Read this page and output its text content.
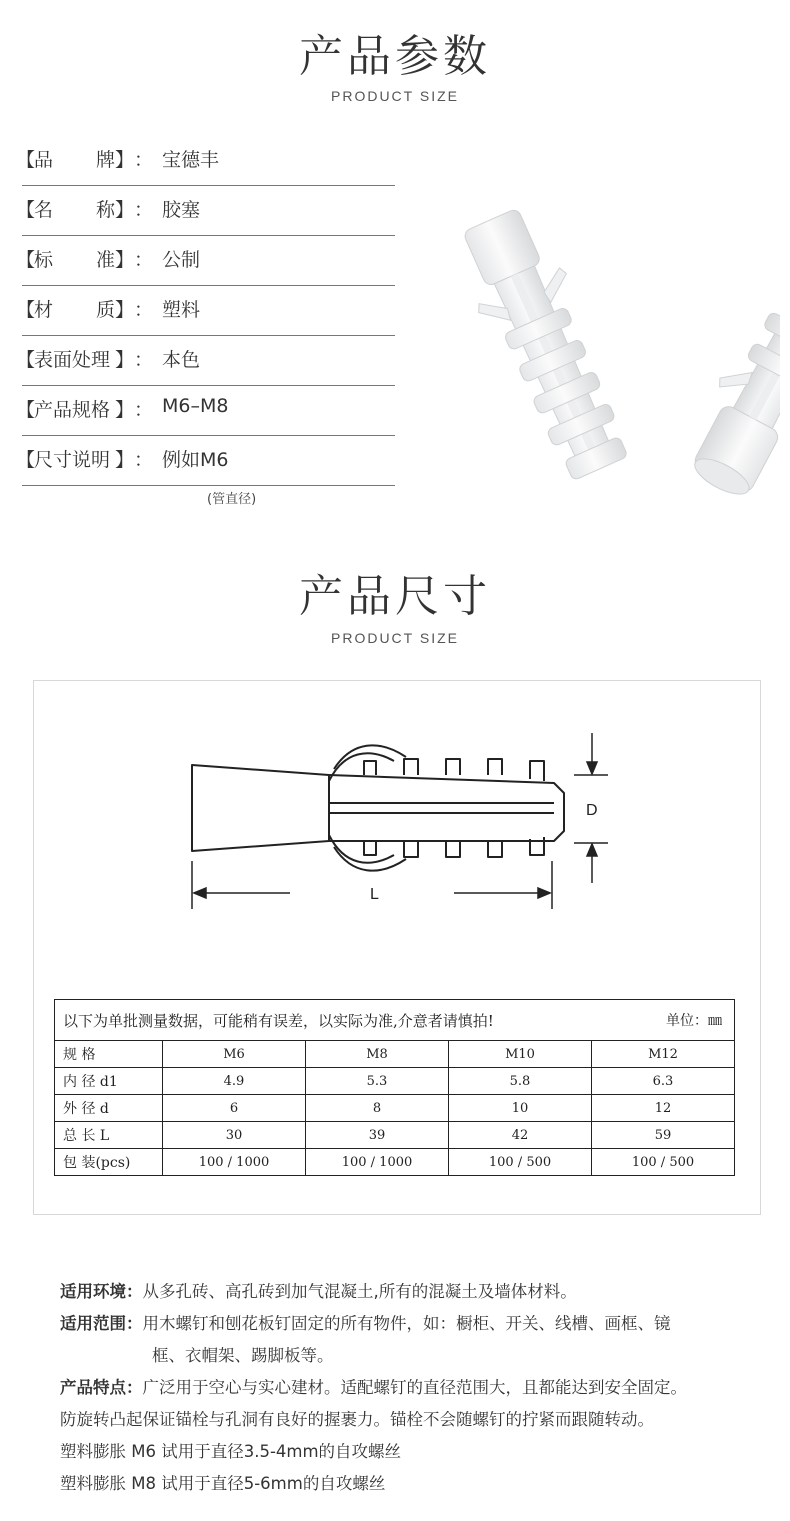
产品参数
PRODUCT SIZE
【
品 牌 】 ： 宝德丰
【
名 称 】 ： 胶塞
【
标 准 】 ： 公制
【
材 质 】 ： 塑料
【
表面处理 】 ： 本色
【
产品规格 】 ： M6–M8
【
尺寸说明 】 ： 例如M6
(管直径)
产品尺寸
PRODUCT SIZE
L
D
以下为单批测量数据，可能稍有误差，以实际为准,介意者请慎拍! 单位：㎜				

规 格	M6	M8	M10	M12
内 径 d1	4.9	5.3	5.8	6.3
外 径 d	6	8	10	12
总 长 L	30	39	42	59
包 装(pcs)	100 / 1000	100 / 1000	100 / 500	100 / 500
适用环境：从多孔砖、高孔砖到加气混凝土,所有的混凝土及墙体材料。
适用范围：用木螺钉和刨花板钉固定的所有物件，如：橱柜、开关、线槽、画框、镜
框、衣帽架、踢脚板等。
产品特点：广泛用于空心与实心建材。适配螺钉的直径范围大，且都能达到安全固定。
防旋转凸起保证锚栓与孔洞有良好的握裹力。锚栓不会随螺钉的拧紧而跟随转动。
塑料膨胀 M6 试用于直径3.5-4mm的自攻螺丝
塑料膨胀 M8 试用于直径5-6mm的自攻螺丝
